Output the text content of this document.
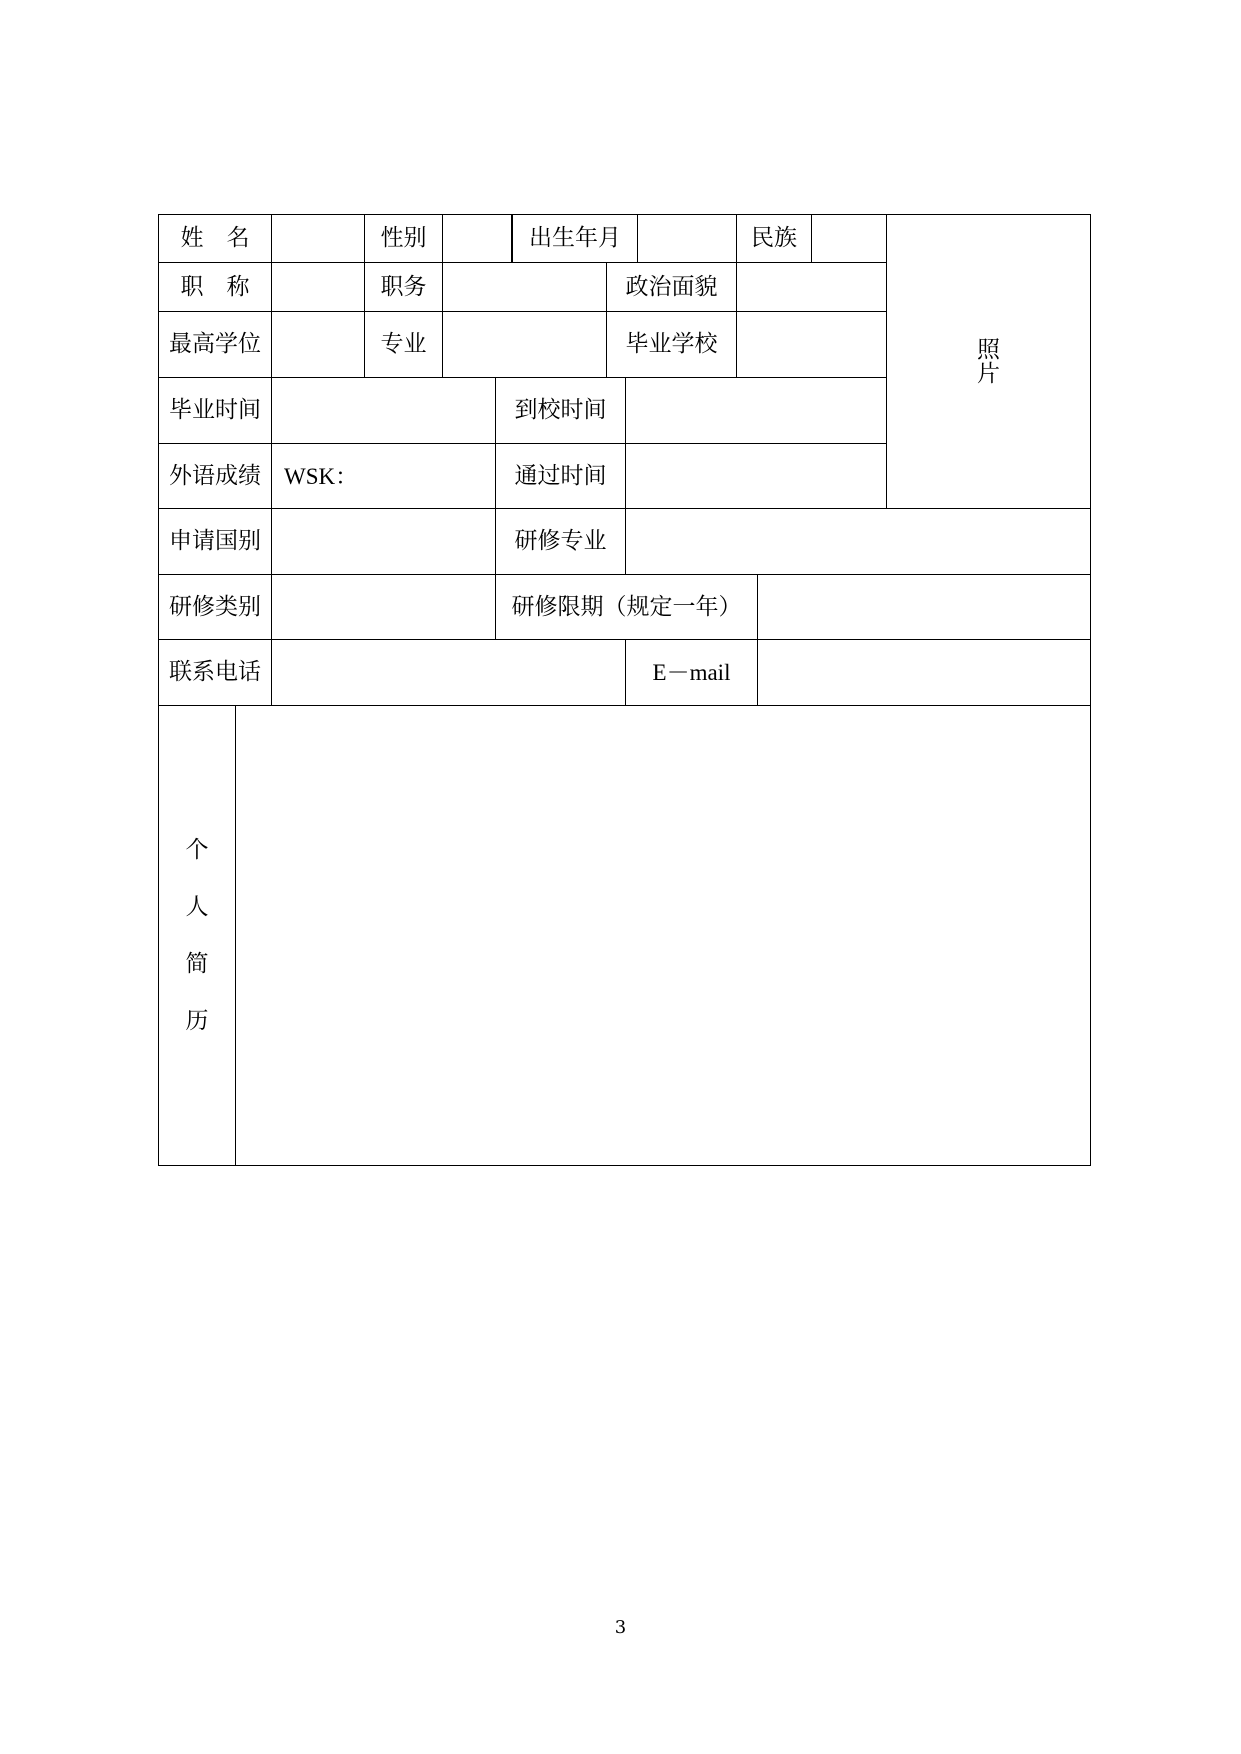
姓　名	性别	出生年月	民族
照
片
职　称	职务	政治面貌
最高学位	专业	毕业学校
毕业时间	到校时间
外语成绩 WSK：	通过时间
申请国别	研修专业
研修类别	研修限期（规定一年）
联系电话	E－mail
个
人
简
历
3
